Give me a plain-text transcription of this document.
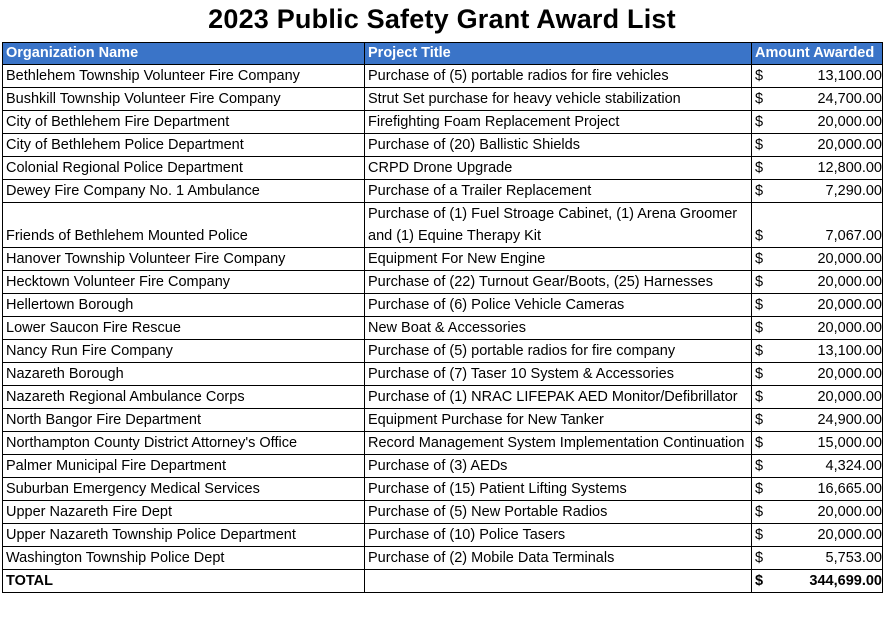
2023 Public Safety Grant Award List
Organization Name	Project Title	Amount Awarded
Bethlehem Township Volunteer Fire Company	Purchase of (5) portable radios for fire vehicles	$ 13,100.00

Bushkill Township Volunteer Fire Company	Strut Set purchase for heavy vehicle stabilization	$ 24,700.00

City of Bethlehem Fire Department	Firefighting Foam Replacement Project	$ 20,000.00

City of Bethlehem Police Department	Purchase of (20) Ballistic Shields	$ 20,000.00

Colonial Regional Police Department	CRPD Drone Upgrade	$ 12,800.00

Dewey Fire Company No. 1 Ambulance	Purchase of a Trailer Replacement	$ 7,290.00

Friends of Bethlehem Mounted Police	Purchase of (1) Fuel Stroage Cabinet, (1) Arena Groomer and (1) Equine Therapy Kit	$ 7,067.00

Hanover Township Volunteer Fire Company	Equipment For New Engine	$ 20,000.00

Hecktown Volunteer Fire Company	Purchase of (22) Turnout Gear/Boots, (25) Harnesses	$ 20,000.00

Hellertown Borough	Purchase of (6) Police Vehicle Cameras	$ 20,000.00

Lower Saucon Fire Rescue	New Boat & Accessories	$ 20,000.00

Nancy Run Fire Company	Purchase of (5) portable radios for fire company	$ 13,100.00

Nazareth Borough	Purchase of (7) Taser 10 System & Accessories	$ 20,000.00

Nazareth Regional Ambulance Corps	Purchase of (1) NRAC LIFEPAK AED Monitor/Defibrillator	$ 20,000.00

North Bangor Fire Department	Equipment Purchase for New Tanker	$ 24,900.00

Northampton County District Attorney's Office	Record Management System Implementation Continuation	$ 15,000.00

Palmer Municipal Fire Department	Purchase of (3) AEDs	$ 4,324.00

Suburban Emergency Medical Services	Purchase of (15) Patient Lifting Systems	$ 16,665.00

Upper Nazareth Fire Dept	Purchase of (5) New Portable Radios	$ 20,000.00

Upper Nazareth Township Police Department	Purchase of (10) Police Tasers	$ 20,000.00

Washington Township Police Dept	Purchase of (2) Mobile Data Terminals	$ 5,753.00

TOTAL		$ 344,699.00
